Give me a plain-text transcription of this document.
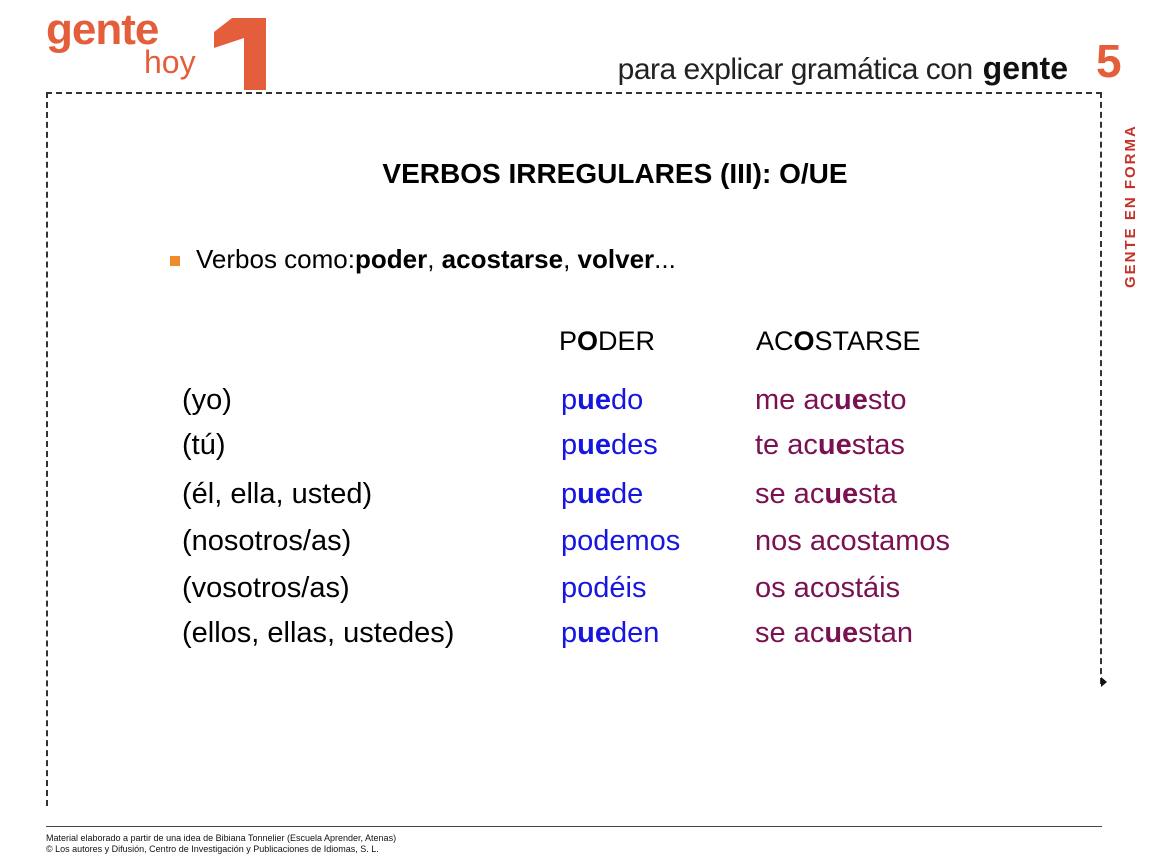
gente
hoy	para explicar gramática con gente 5
GENTE EN FORMA
VERBOS IRREGULARES (III): O/UE
Verbos como: poder , acostarse , volver ...
PODER	ACOSTARSE
(yo)	puedo	me acuesto
(tú)	puedes	te acuestas
(él, ella, usted)	puede	se acuesta
(nosotros/as)	podemos	nos acostamos
(vosotros/as)	podéis	os acostáis
(ellos, ellas, ustedes)	pueden	se acuestan
Material elaborado a partir de una idea de Bibiana Tonnelier (Escuela Aprender, Atenas)
© Los autores y Difusión, Centro de Investigación y Publicaciones de Idiomas, S. L.
